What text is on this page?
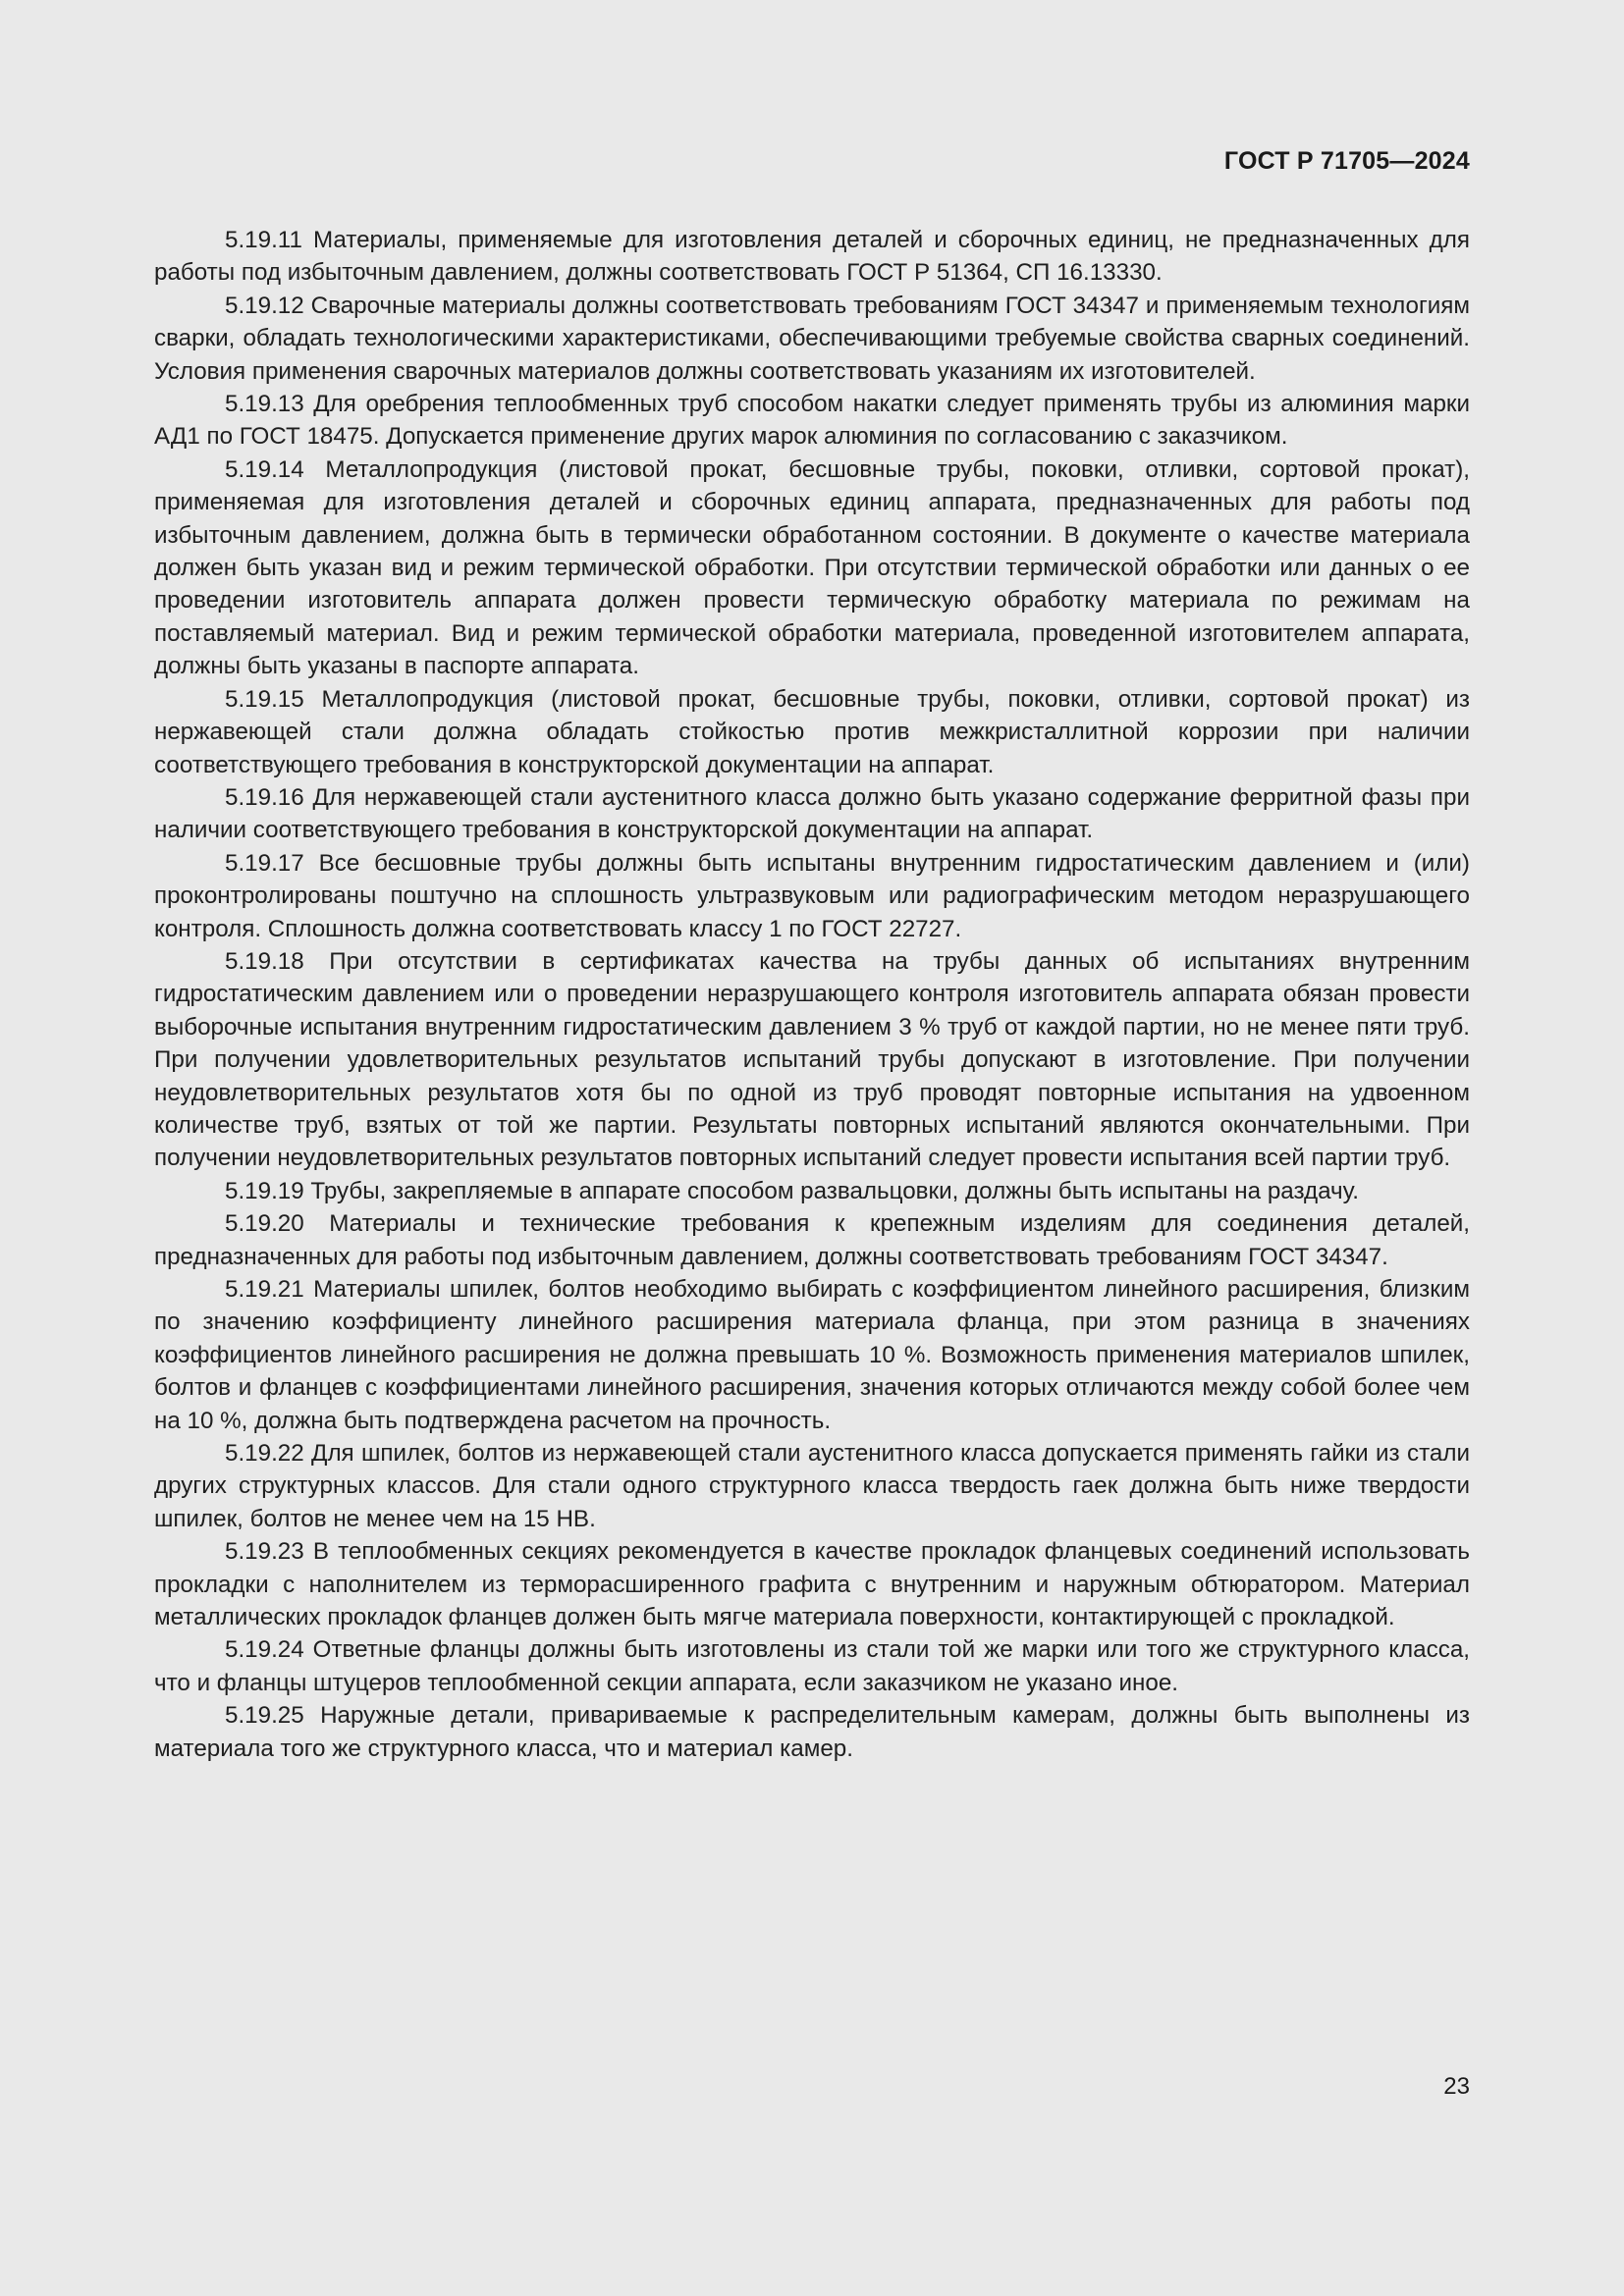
ГОСТ Р 71705—2024

5.19.11 Материалы, применяемые для изготовления деталей и сборочных единиц, не предназначенных для работы под избыточным давлением, должны соответствовать ГОСТ Р 51364, СП 16.13330.

5.19.12 Сварочные материалы должны соответствовать требованиям ГОСТ 34347 и применяемым технологиям сварки, обладать технологическими характеристиками, обеспечивающими требуемые свойства сварных соединений. Условия применения сварочных материалов должны соответствовать указаниям их изготовителей.

5.19.13 Для оребрения теплообменных труб способом накатки следует применять трубы из алюминия марки АД1 по ГОСТ 18475. Допускается применение других марок алюминия по согласованию с заказчиком.

5.19.14 Металлопродукция (листовой прокат, бесшовные трубы, поковки, отливки, сортовой прокат), применяемая для изготовления деталей и сборочных единиц аппарата, предназначенных для работы под избыточным давлением, должна быть в термически обработанном состоянии. В документе о качестве материала должен быть указан вид и режим термической обработки. При отсутствии термической обработки или данных о ее проведении изготовитель аппарата должен провести термическую обработку материала по режимам на поставляемый материал. Вид и режим термической обработки материала, проведенной изготовителем аппарата, должны быть указаны в паспорте аппарата.

5.19.15 Металлопродукция (листовой прокат, бесшовные трубы, поковки, отливки, сортовой прокат) из нержавеющей стали должна обладать стойкостью против межкристаллитной коррозии при наличии соответствующего требования в конструкторской документации на аппарат.

5.19.16 Для нержавеющей стали аустенитного класса должно быть указано содержание ферритной фазы при наличии соответствующего требования в конструкторской документации на аппарат.

5.19.17 Все бесшовные трубы должны быть испытаны внутренним гидростатическим давлением и (или) проконтролированы поштучно на сплошность ультразвуковым или радиографическим методом неразрушающего контроля. Сплошность должна соответствовать классу 1 по ГОСТ 22727.

5.19.18 При отсутствии в сертификатах качества на трубы данных об испытаниях внутренним гидростатическим давлением или о проведении неразрушающего контроля изготовитель аппарата обязан провести выборочные испытания внутренним гидростатическим давлением 3 % труб от каждой партии, но не менее пяти труб. При получении удовлетворительных результатов испытаний трубы допускают в изготовление. При получении неудовлетворительных результатов хотя бы по одной из труб проводят повторные испытания на удвоенном количестве труб, взятых от той же партии. Результаты повторных испытаний являются окончательными. При получении неудовлетворительных результатов повторных испытаний следует провести испытания всей партии труб.

5.19.19 Трубы, закрепляемые в аппарате способом развальцовки, должны быть испытаны на раздачу.

5.19.20 Материалы и технические требования к крепежным изделиям для соединения деталей, предназначенных для работы под избыточным давлением, должны соответствовать требованиям ГОСТ 34347.

5.19.21 Материалы шпилек, болтов необходимо выбирать с коэффициентом линейного расширения, близким по значению коэффициенту линейного расширения материала фланца, при этом разница в значениях коэффициентов линейного расширения не должна превышать 10 %. Возможность применения материалов шпилек, болтов и фланцев с коэффициентами линейного расширения, значения которых отличаются между собой более чем на 10 %, должна быть подтверждена расчетом на прочность.

5.19.22 Для шпилек, болтов из нержавеющей стали аустенитного класса допускается применять гайки из стали других структурных классов. Для стали одного структурного класса твердость гаек должна быть ниже твердости шпилек, болтов не менее чем на 15 НВ.

5.19.23 В теплообменных секциях рекомендуется в качестве прокладок фланцевых соединений использовать прокладки с наполнителем из терморасширенного графита с внутренним и наружным обтюратором. Материал металлических прокладок фланцев должен быть мягче материала поверхности, контактирующей с прокладкой.

5.19.24 Ответные фланцы должны быть изготовлены из стали той же марки или того же структурного класса, что и фланцы штуцеров теплообменной секции аппарата, если заказчиком не указано иное.

5.19.25 Наружные детали, привариваемые к распределительным камерам, должны быть выполнены из материала того же структурного класса, что и материал камер.

23
